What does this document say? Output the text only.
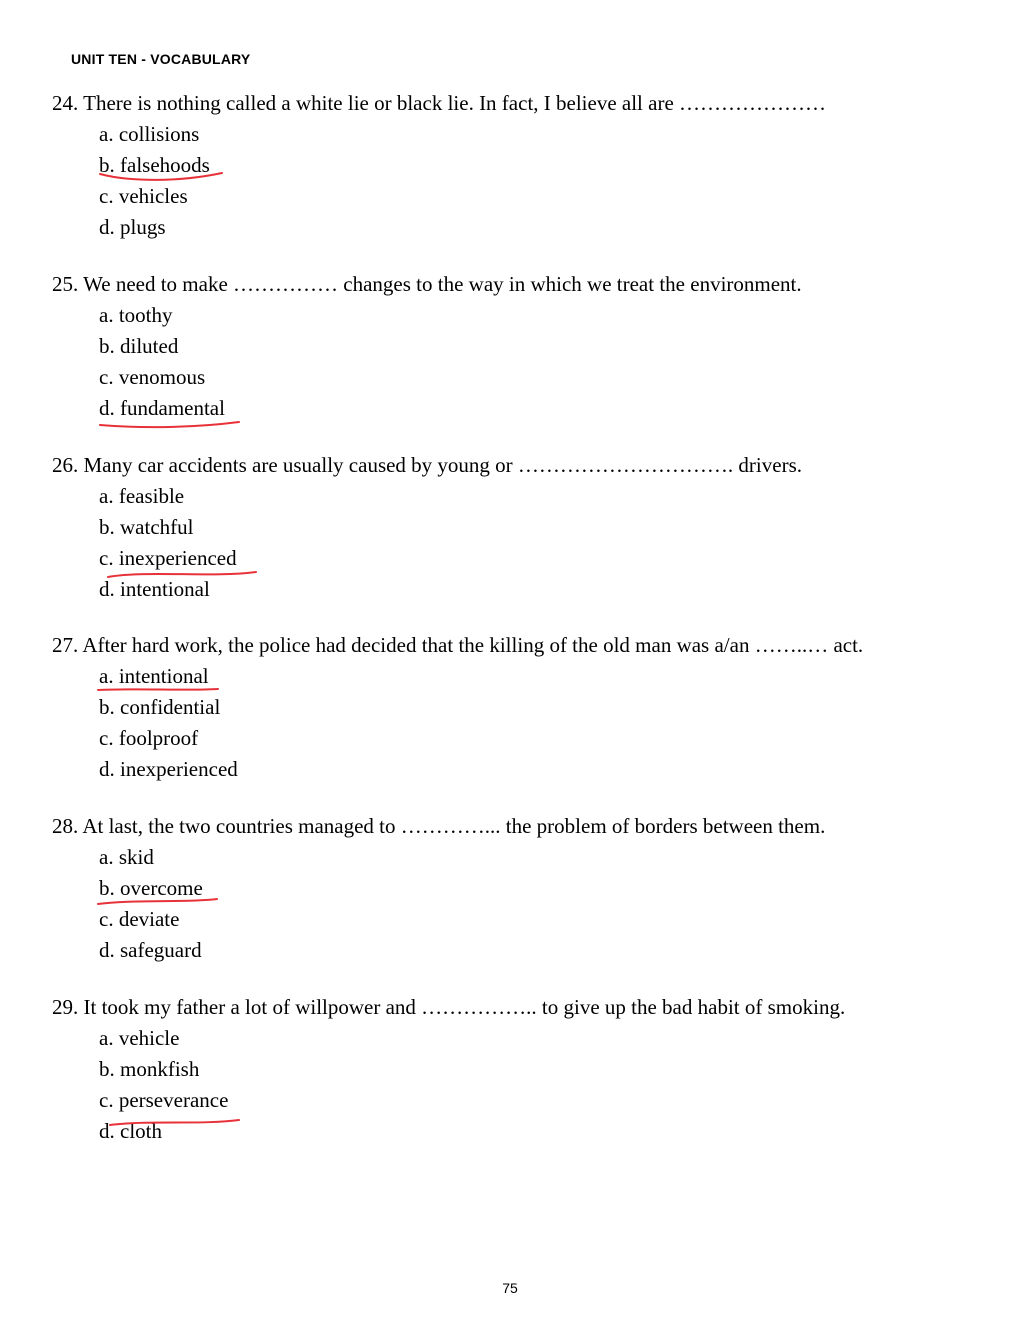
UNIT TEN - VOCABULARY
24. There is nothing called a white lie or black lie. In fact, I believe all are …………………
a. collisions
b. falsehoods
c. vehicles
d. plugs
25. We need to make …………… changes to the way in which we treat the environment.
a. toothy
b. diluted
c. venomous
d. fundamental
26. Many car accidents are usually caused by young or …………………………. drivers.
a. feasible
b. watchful
c. inexperienced
d. intentional
27. After hard work, the police had decided that the killing of the old man was a/an ……..… act.
a. intentional
b. confidential
c. foolproof
d. inexperienced
28. At last, the two countries managed to …………... the problem of borders between them.
a. skid
b. overcome
c. deviate
d. safeguard
29. It took my father a lot of willpower and …………….. to give up the bad habit of smoking.
a. vehicle
b. monkfish
c. perseverance
d. cloth
75
